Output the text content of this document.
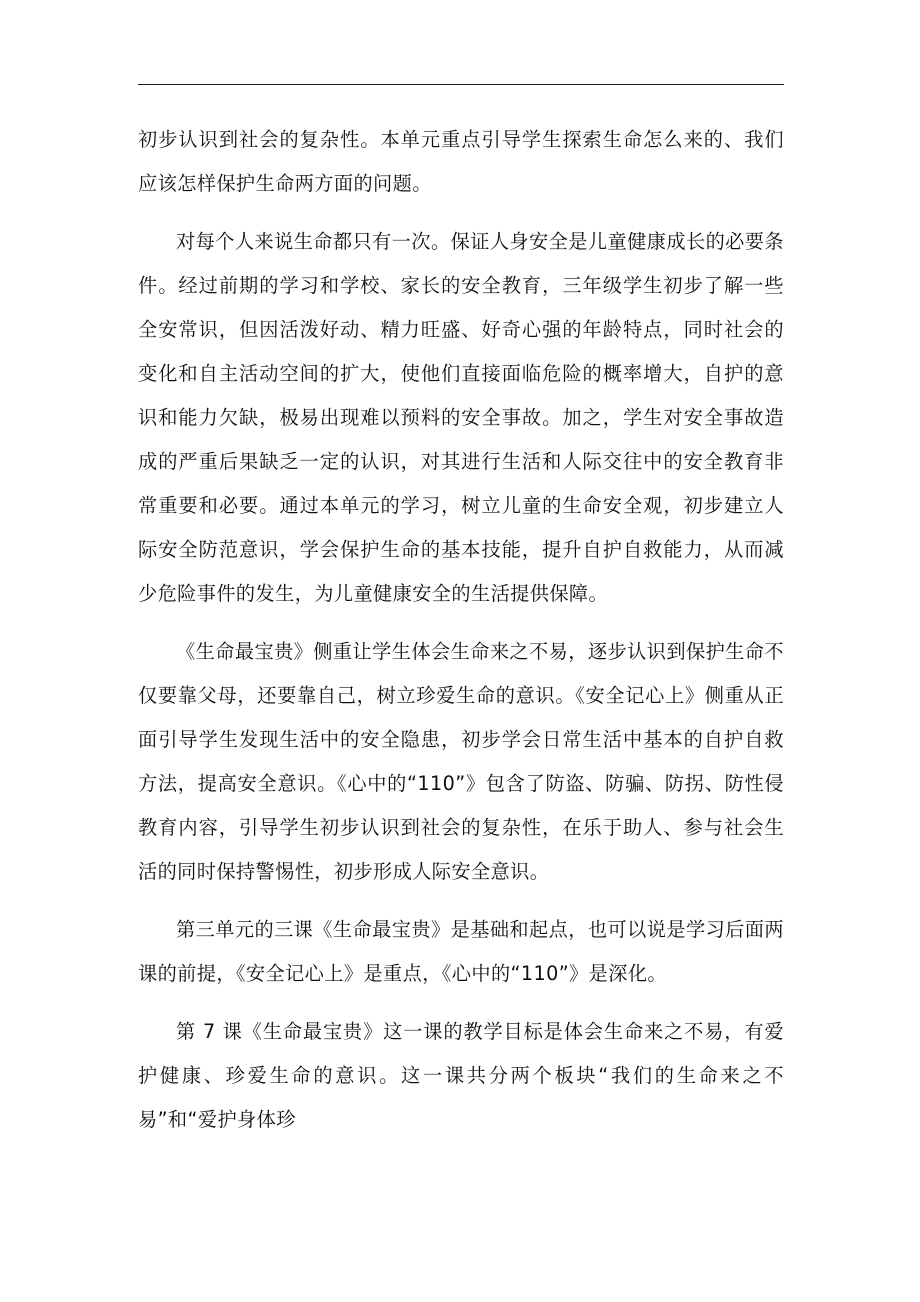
初步认识到社会的复杂性。本单元重点引导学生探索生命怎么来的、我们应该怎样保护生命两方面的问题。

对每个人来说生命都只有一次。保证人身安全是儿童健康成长的必要条件。经过前期的学习和学校、家长的安全教育，三年级学生初步了解一些全安常识，但因活泼好动、精力旺盛、好奇心强的年龄特点，同时社会的变化和自主活动空间的扩大，使他们直接面临危险的概率增大，自护的意识和能力欠缺，极易出现难以预料的安全事故。加之，学生对安全事故造成的严重后果缺乏一定的认识，对其进行生活和人际交往中的安全教育非常重要和必要。通过本单元的学习，树立儿童的生命安全观，初步建立人际安全防范意识，学会保护生命的基本技能，提升自护自救能力，从而减少危险事件的发生，为儿童健康安全的生活提供保障。

《生命最宝贵》侧重让学生体会生命来之不易，逐步认识到保护生命不仅要靠父母，还要靠自己，树立珍爱生命的意识。《安全记心上》侧重从正面引导学生发现生活中的安全隐患，初步学会日常生活中基本的自护自救方法，提高安全意识。《心中的“110”》包含了防盗、防骗、防拐、防性侵教育内容，引导学生初步认识到社会的复杂性，在乐于助人、参与社会生活的同时保持警惕性，初步形成人际安全意识。

第三单元的三课《生命最宝贵》是基础和起点，也可以说是学习后面两课的前提，《安全记心上》是重点，《心中的“110”》是深化。

第 7 课《生命最宝贵》这一课的教学目标是体会生命来之不易，有爱护健康、珍爱生命的意识。这一课共分两个板块“我们的生命来之不易”和“爱护身体珍
